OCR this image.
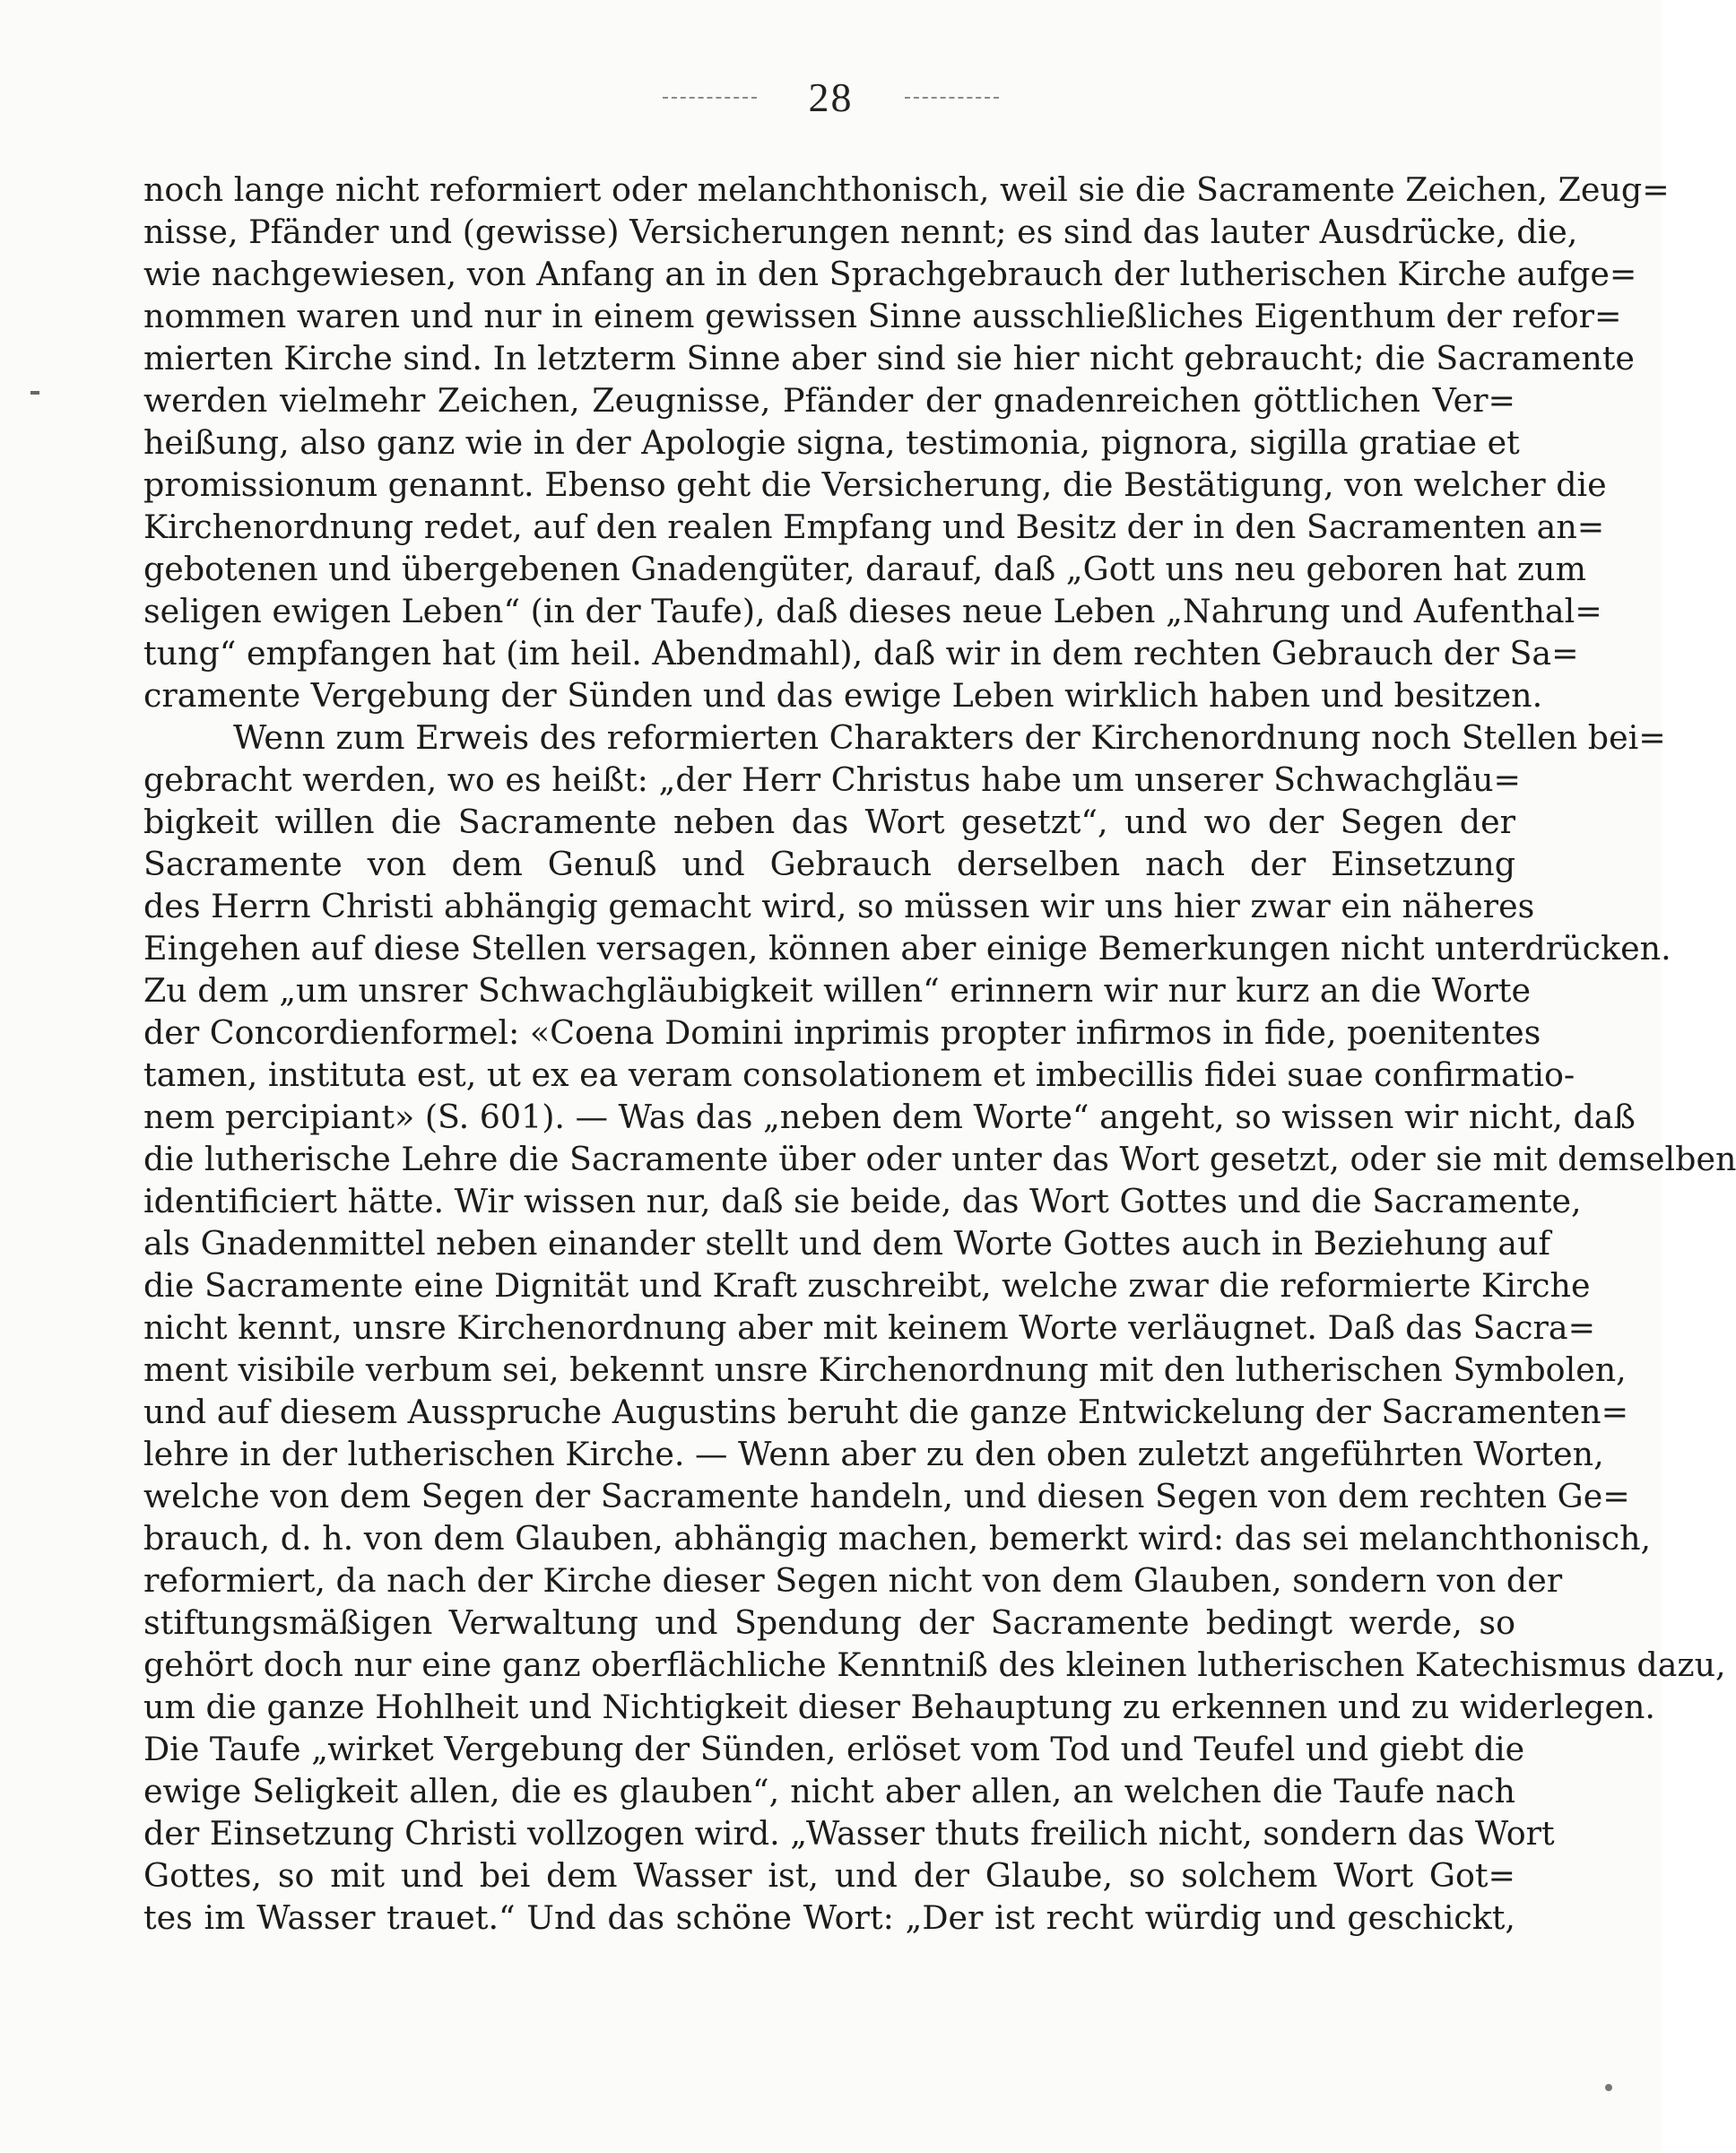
28
noch lange nicht reformiert oder melanchthonisch, weil sie die Sacramente Zeichen, Zeug=
nisse, Pfänder und (gewisse) Versicherungen nennt; es sind das lauter Ausdrücke, die,
wie nachgewiesen, von Anfang an in den Sprachgebrauch der lutherischen Kirche aufge=
nommen waren und nur in einem gewissen Sinne ausschließliches Eigenthum der refor=
mierten Kirche sind. In letzterm Sinne aber sind sie hier nicht gebraucht; die Sacramente
werden vielmehr Zeichen, Zeugnisse, Pfänder der gnadenreichen göttlichen Ver=
heißung, also ganz wie in der Apologie signa, testimonia, pignora, sigilla gratiae et
promissionum genannt. Ebenso geht die Versicherung, die Bestätigung, von welcher die
Kirchenordnung redet, auf den realen Empfang und Besitz der in den Sacramenten an=
gebotenen und übergebenen Gnadengüter, darauf, daß „Gott uns neu geboren hat zum
seligen ewigen Leben“ (in der Taufe), daß dieses neue Leben „Nahrung und Aufenthal=
tung“ empfangen hat (im heil. Abendmahl), daß wir in dem rechten Gebrauch der Sa=
cramente Vergebung der Sünden und das ewige Leben wirklich haben und besitzen.
Wenn zum Erweis des reformierten Charakters der Kirchenordnung noch Stellen bei=
gebracht werden, wo es heißt: „der Herr Christus habe um unserer Schwachgläu=
bigkeit willen die Sacramente neben das Wort gesetzt“, und wo der Segen der
Sacramente von dem Genuß und Gebrauch derselben nach der Einsetzung
des Herrn Christi abhängig gemacht wird, so müssen wir uns hier zwar ein näheres
Eingehen auf diese Stellen versagen, können aber einige Bemerkungen nicht unterdrücken.
Zu dem „um unsrer Schwachgläubigkeit willen“ erinnern wir nur kurz an die Worte
der Concordienformel: «Coena Domini inprimis propter infirmos in fide, poenitentes
tamen, instituta est, ut ex ea veram consolationem et imbecillis fidei suae confirmatio-
nem percipiant» (S. 601). — Was das „neben dem Worte“ angeht, so wissen wir nicht, daß
die lutherische Lehre die Sacramente über oder unter das Wort gesetzt, oder sie mit demselben
identificiert hätte. Wir wissen nur, daß sie beide, das Wort Gottes und die Sacramente,
als Gnadenmittel neben einander stellt und dem Worte Gottes auch in Beziehung auf
die Sacramente eine Dignität und Kraft zuschreibt, welche zwar die reformierte Kirche
nicht kennt, unsre Kirchenordnung aber mit keinem Worte verläugnet. Daß das Sacra=
ment visibile verbum sei, bekennt unsre Kirchenordnung mit den lutherischen Symbolen,
und auf diesem Ausspruche Augustins beruht die ganze Entwickelung der Sacramenten=
lehre in der lutherischen Kirche. — Wenn aber zu den oben zuletzt angeführten Worten,
welche von dem Segen der Sacramente handeln, und diesen Segen von dem rechten Ge=
brauch, d. h. von dem Glauben, abhängig machen, bemerkt wird: das sei melanchthonisch,
reformiert, da nach der Kirche dieser Segen nicht von dem Glauben, sondern von der
stiftungsmäßigen Verwaltung und Spendung der Sacramente bedingt werde, so
gehört doch nur eine ganz oberflächliche Kenntniß des kleinen lutherischen Katechismus dazu,
um die ganze Hohlheit und Nichtigkeit dieser Behauptung zu erkennen und zu widerlegen.
Die Taufe „wirket Vergebung der Sünden, erlöset vom Tod und Teufel und giebt die
ewige Seligkeit allen, die es glauben“, nicht aber allen, an welchen die Taufe nach
der Einsetzung Christi vollzogen wird. „Wasser thuts freilich nicht, sondern das Wort
Gottes, so mit und bei dem Wasser ist, und der Glaube, so solchem Wort Got=
tes im Wasser trauet.“ Und das schöne Wort: „Der ist recht würdig und geschickt,
